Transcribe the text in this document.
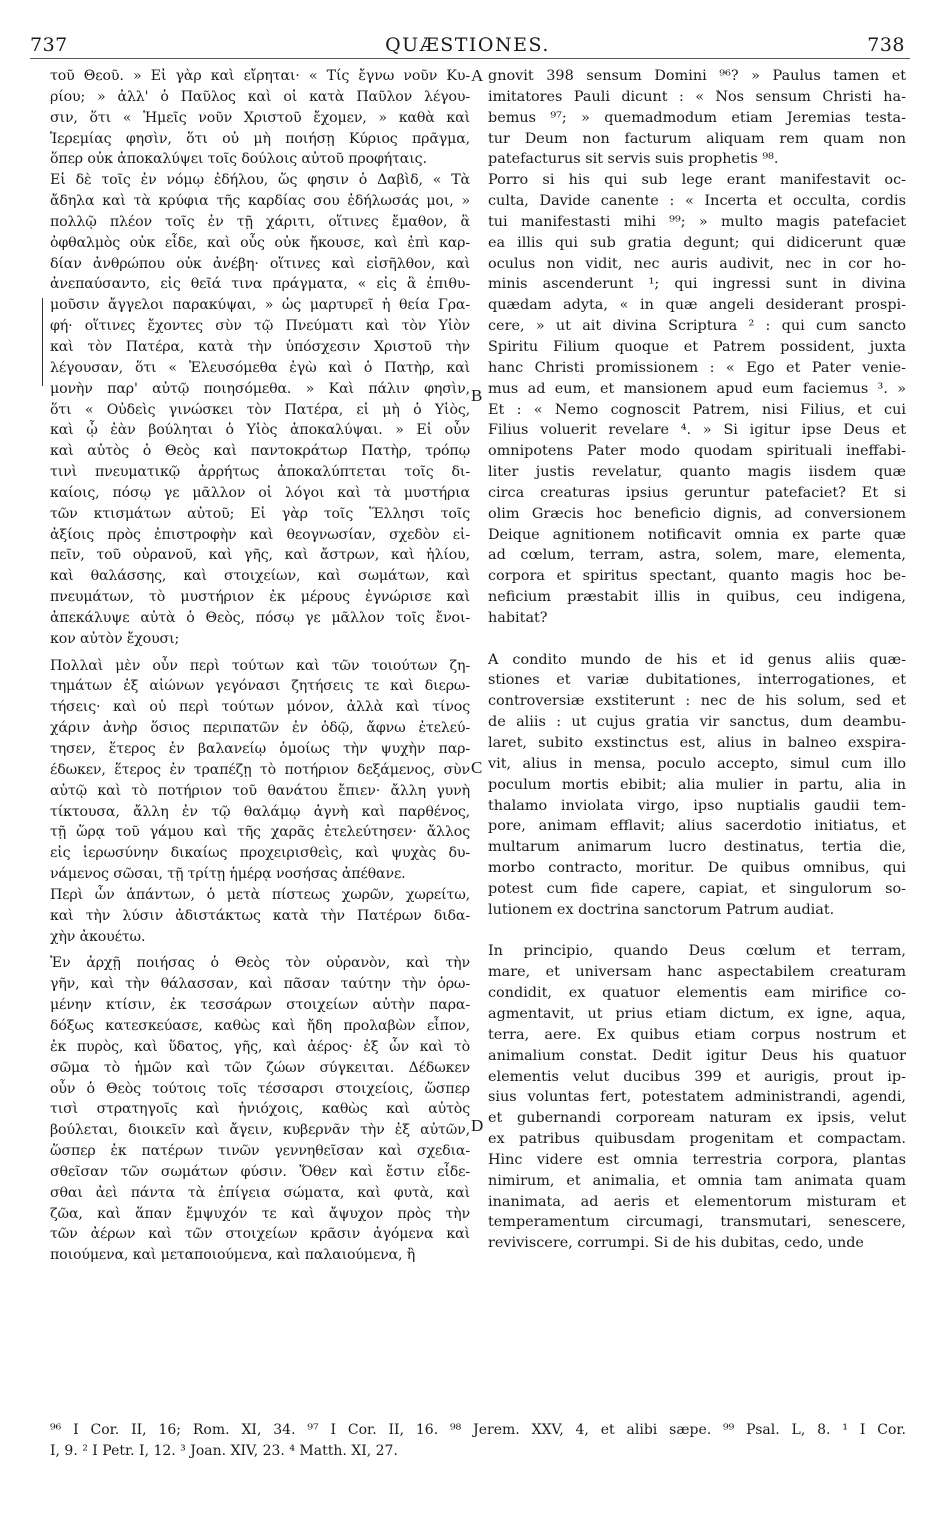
737	QUÆSTIONES.	738
τοῦ Θεοῦ. » Εἰ γὰρ καὶ εἴρηται· « Τίς ἔγνω νοῦν Κυ-
ρίου; » ἀλλ' ὁ Παῦλος καὶ οἱ κατὰ Παῦλον λέγου-
σιν, ὅτι « Ἡμεῖς νοῦν Χριστοῦ ἔχομεν, » καθὰ καὶ
Ἱερεμίας φησὶν, ὅτι οὐ μὴ ποιήσῃ Κύριος πρᾶγμα,
ὅπερ οὐκ ἀποκαλύψει τοῖς δούλοις αὐτοῦ προφήταις.
Εἰ δὲ τοῖς ἐν νόμῳ ἐδήλου, ὥς φησιν ὁ Δαβὶδ, « Τὰ
ἄδηλα καὶ τὰ κρύφια τῆς καρδίας σου ἐδήλωσάς μοι, »
πολλῷ πλέον τοῖς ἐν τῇ χάριτι, οἵτινες ἔμαθον, ἃ
ὀφθαλμὸς οὐκ εἶδε, καὶ οὖς οὐκ ἤκουσε, καὶ ἐπὶ καρ-
δίαν ἀνθρώπου οὐκ ἀνέβη· οἵτινες καὶ εἰσῆλθον, καὶ
ἀνεπαύσαντο, εἰς θεῖά τινα πράγματα, « εἰς ἃ ἐπιθυ-
μοῦσιν ἄγγελοι παρακύψαι, » ὡς μαρτυρεῖ ἡ θεία Γρα-
φή· οἵτινες ἔχοντες σὺν τῷ Πνεύματι καὶ τὸν Υἱὸν
καὶ τὸν Πατέρα, κατὰ τὴν ὑπόσχεσιν Χριστοῦ τὴν
λέγουσαν, ὅτι « Ἐλευσόμεθα ἐγὼ καὶ ὁ Πατὴρ, καὶ
μονὴν παρ' αὐτῷ ποιησόμεθα. » Καὶ πάλιν φησὶν,
ὅτι « Οὐδεὶς γινώσκει τὸν Πατέρα, εἰ μὴ ὁ Υἱὸς,
καὶ ᾧ ἐὰν βούληται ὁ Υἱὸς ἀποκαλύψαι. » Εἰ οὖν
καὶ αὐτὸς ὁ Θεὸς καὶ παντοκράτωρ Πατὴρ, τρόπῳ
τινὶ πνευματικῷ ἀρρήτως ἀποκαλύπτεται τοῖς δι-
καίοις, πόσῳ γε μᾶλλον οἱ λόγοι καὶ τὰ μυστήρια
τῶν κτισμάτων αὐτοῦ; Εἰ γὰρ τοῖς Ἕλλησι τοῖς
ἀξίοις πρὸς ἐπιστροφὴν καὶ θεογνωσίαν, σχεδὸν εἰ-
πεῖν, τοῦ οὐρανοῦ, καὶ γῆς, καὶ ἄστρων, καὶ ἡλίου,
καὶ θαλάσσης, καὶ στοιχείων, καὶ σωμάτων, καὶ
πνευμάτων, τὸ μυστήριον ἐκ μέρους ἐγνώρισε καὶ
ἀπεκάλυψε αὐτὰ ὁ Θεὸς, πόσῳ γε μᾶλλον τοῖς ἔνοι-
κον αὐτὸν ἔχουσι;
Πολλαὶ μὲν οὖν περὶ τούτων καὶ τῶν τοιούτων ζη-
τημάτων ἐξ αἰώνων γεγόνασι ζητήσεις τε καὶ διερω-
τήσεις· καὶ οὐ περὶ τούτων μόνον, ἀλλὰ καὶ τίνος
χάριν ἀνὴρ ὅσιος περιπατῶν ἐν ὁδῷ, ἄφνω ἐτελεύ-
τησεν, ἕτερος ἐν βαλανείῳ ὁμοίως τὴν ψυχὴν παρ-
έδωκεν, ἕτερος ἐν τραπέζῃ τὸ ποτήριον δεξάμενος, σὺν
αὐτῷ καὶ τὸ ποτήριον τοῦ θανάτου ἔπιεν· ἄλλη γυνὴ
τίκτουσα, ἄλλη ἐν τῷ θαλάμῳ ἁγνὴ καὶ παρθένος,
τῇ ὥρᾳ τοῦ γάμου καὶ τῆς χαρᾶς ἐτελεύτησεν· ἄλλος
εἰς ἱερωσύνην δικαίως προχειρισθεὶς, καὶ ψυχὰς δυ-
νάμενος σῶσαι, τῇ τρίτῃ ἡμέρᾳ νοσήσας ἀπέθανε.
Περὶ ὧν ἁπάντων, ὁ μετὰ πίστεως χωρῶν, χωρείτω,
καὶ τὴν λύσιν ἀδιστάκτως κατὰ τὴν Πατέρων διδα-
χὴν ἀκουέτω.
Ἐν ἀρχῇ ποιήσας ὁ Θεὸς τὸν οὐρανὸν, καὶ τὴν
γῆν, καὶ τὴν θάλασσαν, καὶ πᾶσαν ταύτην τὴν ὁρω-
μένην κτίσιν, ἐκ τεσσάρων στοιχείων αὐτὴν παρα-
δόξως κατεσκεύασε, καθὼς καὶ ἤδη προλαβὼν εἶπον,
ἐκ πυρὸς, καὶ ὕδατος, γῆς, καὶ ἀέρος· ἐξ ὧν καὶ τὸ
σῶμα τὸ ἡμῶν καὶ τῶν ζώων σύγκειται. Δέδωκεν
οὖν ὁ Θεὸς τούτοις τοῖς τέσσαρσι στοιχείοις, ὥσπερ
τισὶ στρατηγοῖς καὶ ἡνιόχοις, καθὼς καὶ αὐτὸς
βούλεται, διοικεῖν καὶ ἄγειν, κυβερνᾶν τὴν ἐξ αὐτῶν,
ὥσπερ ἐκ πατέρων τινῶν γεννηθεῖσαν καὶ σχεδια-
σθεῖσαν τῶν σωμάτων φύσιν. Ὅθεν καὶ ἔστιν εἶδε-
σθαι ἀεὶ πάντα τὰ ἐπίγεια σώματα, καὶ φυτὰ, καὶ
ζῶα, καὶ ἅπαν ἔμψυχόν τε καὶ ἄψυχον πρὸς τὴν
τῶν ἀέρων καὶ τῶν στοιχείων κρᾶσιν ἀγόμενα καὶ
ποιούμενα, καὶ μεταποιούμενα, καὶ παλαιούμενα, ἢ
gnovit 398 sensum Domini ⁹⁶? » Paulus tamen et
imitatores Pauli dicunt : « Nos sensum Christi ha-
bemus ⁹⁷; » quemadmodum etiam Jeremias testa-
tur Deum non facturum aliquam rem quam non
patefacturus sit servis suis prophetis ⁹⁸.
Porro si his qui sub lege erant manifestavit oc-
culta, Davide canente : « Incerta et occulta, cordis
tui manifestasti mihi ⁹⁹; » multo magis patefaciet
ea illis qui sub gratia degunt; qui didicerunt quæ
oculus non vidit, nec auris audivit, nec in cor ho-
minis ascenderunt ¹; qui ingressi sunt in divina
quædam adyta, « in quæ angeli desiderant prospi-
cere, » ut ait divina Scriptura ² : qui cum sancto
Spiritu Filium quoque et Patrem possident, juxta
hanc Christi promissionem : « Ego et Pater venie-
mus ad eum, et mansionem apud eum faciemus ³. »
Et : « Nemo cognoscit Patrem, nisi Filius, et cui
Filius voluerit revelare ⁴. » Si igitur ipse Deus et
omnipotens Pater modo quodam spirituali ineffabi-
liter justis revelatur, quanto magis iisdem quæ
circa creaturas ipsius geruntur patefaciet? Et si
olim Græcis hoc beneficio dignis, ad conversionem
Deique agnitionem notificavit omnia ex parte quæ
ad cœlum, terram, astra, solem, mare, elementa,
corpora et spiritus spectant, quanto magis hoc be-
neficium præstabit illis in quibus, ceu indigena,
habitat?
A condito mundo de his et id genus aliis quæ-
stiones et variæ dubitationes, interrogationes, et
controversiæ exstiterunt : nec de his solum, sed et
de aliis : ut cujus gratia vir sanctus, dum deambu-
laret, subito exstinctus est, alius in balneo exspira-
vit, alius in mensa, poculo accepto, simul cum illo
poculum mortis ebibit; alia mulier in partu, alia in
thalamo inviolata virgo, ipso nuptialis gaudii tem-
pore, animam efflavit; alius sacerdotio initiatus, et
multarum animarum lucro destinatus, tertia die,
morbo contracto, moritur. De quibus omnibus, qui
potest cum fide capere, capiat, et singulorum so-
lutionem ex doctrina sanctorum Patrum audiat.
In principio, quando Deus cœlum et terram,
mare, et universam hanc aspectabilem creaturam
condidit, ex quatuor elementis eam mirifice co-
agmentavit, ut prius etiam dictum, ex igne, aqua,
terra, aere. Ex quibus etiam corpus nostrum et
animalium constat. Dedit igitur Deus his quatuor
elementis velut ducibus 399 et aurigis, prout ip-
sius voluntas fert, potestatem administrandi, agendi,
et gubernandi corpoream naturam ex ipsis, velut
ex patribus quibusdam progenitam et compactam.
Hinc videre est omnia terrestria corpora, plantas
nimirum, et animalia, et omnia tam animata quam
inanimata, ad aeris et elementorum misturam et
temperamentum circumagi, transmutari, senescere,
reviviscere, corrumpi. Si de his dubitas, cedo, unde
A
B
C
D
⁹⁶ I Cor. II, 16; Rom. XI, 34. ⁹⁷ I Cor. II, 16. ⁹⁸ Jerem. XXV, 4, et alibi sæpe. ⁹⁹ Psal. L, 8. ¹ I Cor.
I, 9. ² I Petr. I, 12. ³ Joan. XIV, 23. ⁴ Matth. XI, 27.
